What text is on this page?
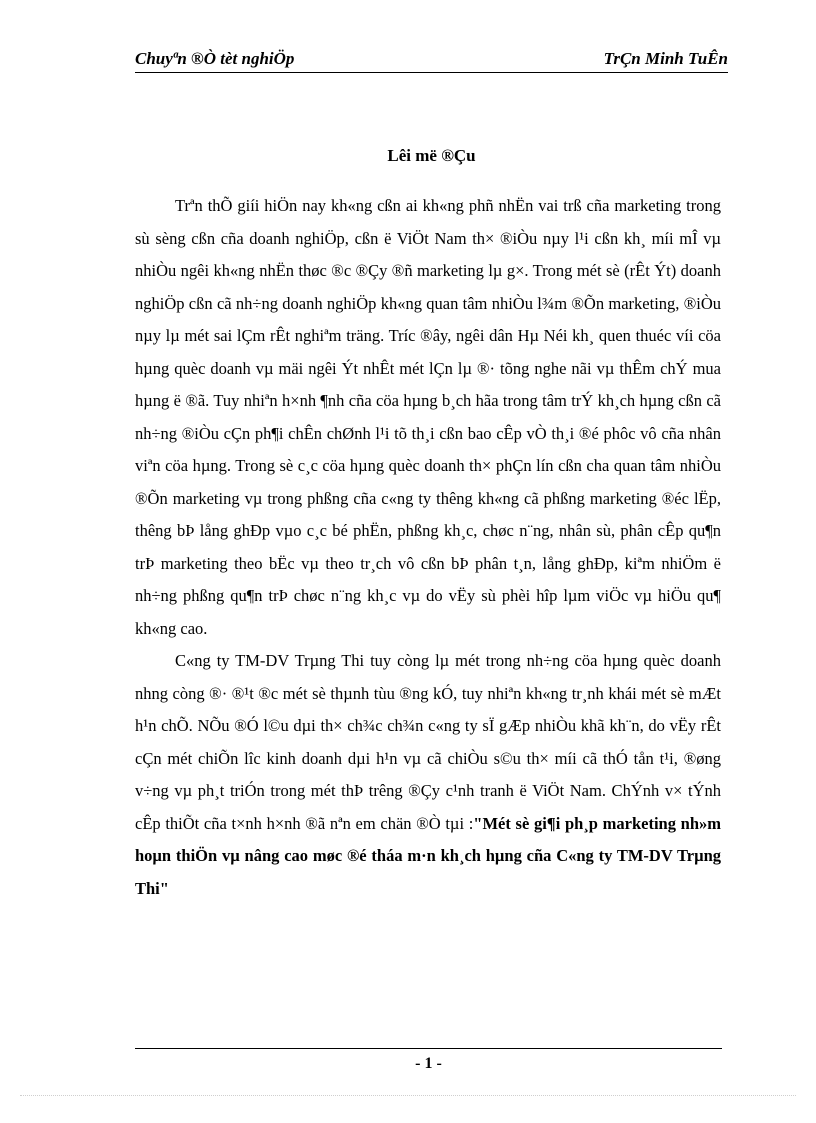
Chuyªn ®Ò tèt nghiÖp	TrÇn Minh TuÊn
Lêi më ®Çu

Trªn thÕ giíi hiÖn nay kh«ng cßn ai kh«ng phñ nhËn vai trß cña marketing trong sù sèng cßn cña doanh nghiÖp, cßn ë ViÖt Nam th× ®iÒu nµy l¹i cßn kh¸ míi mÎ vµ nhiÒu ngêi kh«ng nhËn thøc ®c ®Çy ®ñ marketing lµ g×. Trong mét sè (rÊt Ýt) doanh nghiÖp cßn cã nh÷ng doanh nghiÖp kh«ng quan tâm nhiÒu l¾m ®Õn marketing, ®iÒu nµy lµ mét sai lÇm rÊt nghiªm träng. Tríc ®ây, ngêi dân Hµ Néi kh¸ quen thuéc víi cöa hµng quèc doanh vµ mäi ngêi Ýt nhÊt mét lÇn lµ ®· tõng nghe nãi vµ thÊm chÝ mua hµng ë ®ã. Tuy nhiªn h×nh ¶nh cña cöa hµng b¸ch hãa trong tâm trÝ kh¸ch hµng cßn cã nh÷ng ®iÒu cÇn ph¶i chÊn chØnh l¹i tõ th¸i cßn bao cÊp vÒ th¸i ®é phôc vô cña nhân viªn cöa hµng. Trong sè c¸c cöa hµng quèc doanh th× phÇn lín cßn cha quan tâm nhiÒu ®Õn marketing vµ trong phßng cña c«ng ty thêng kh«ng cã phßng marketing ®éc lËp, thêng bÞ lång ghÐp vµo c¸c bé phËn, phßng kh¸c, chøc n¨ng, nhân sù, phân cÊp qu¶n trÞ marketing theo bËc vµ theo tr¸ch vô cßn bÞ phân t¸n, lång ghÐp, kiªm nhiÖm ë nh÷ng phßng qu¶n trÞ chøc n¨ng kh¸c vµ do vËy sù phèi hîp lµm viÖc vµ hiÖu qu¶ kh«ng cao.

C«ng ty TM-DV Trµng Thi tuy còng lµ mét trong nh÷ng cöa hµng quèc doanh nhng còng ®· ®¹t ®c mét sè thµnh tùu ®ng kÓ, tuy nhiªn kh«ng tr¸nh khái mét sè mÆt h¹n chÕ. NÕu ®Ó l©u dµi th× ch¾c ch¾n c«ng ty sÏ gÆp nhiÒu khã kh¨n, do vËy rÊt cÇn mét chiÕn lîc kinh doanh dµi h¹n vµ cã chiÒu s©u th× míi cã thÓ tån t¹i, ®øng v÷ng vµ ph¸t triÓn trong mét thÞ trêng ®Çy c¹nh tranh ë ViÖt Nam. ChÝnh v× tÝnh cÊp thiÕt cña t×nh h×nh ®ã nªn em chän ®Ò tµi :"Mét sè gi¶i ph¸p marketing nh»m hoµn thiÖn vµ nâng cao møc ®é tháa m·n kh¸ch hµng cña C«ng ty TM-DV Trµng Thi"

- 1 -
